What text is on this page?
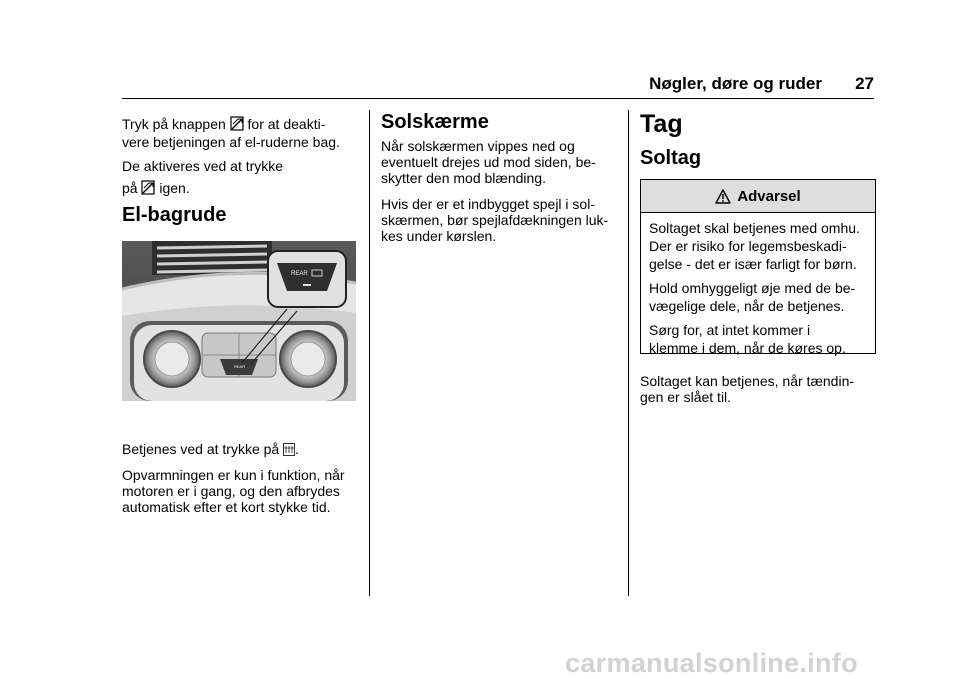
Nøgler, døre og ruder 27

Tryk på knappen  for at deakti-
vere betjeningen af el-ruderne bag.

De aktiveres ved at trykke
på  igen.

El-bagrude
REAR
REAR

Betjenes ved at trykke på .

Opvarmningen er kun i funktion, når
motoren er i gang, og den afbrydes
automatisk efter et kort stykke tid.

Solskærme

Når solskærmen vippes ned og
eventuelt drejes ud mod siden, be-
skytter den mod blænding.

Hvis der er et indbygget spejl i sol-
skærmen, bør spejlafdækningen luk-
kes under kørslen.

Tag
Soltag
Advarsel

Soltaget skal betjenes med omhu.
Der er risiko for legemsbeskadi-
gelse - det er især farligt for børn.

Hold omhyggeligt øje med de be-
vægelige dele, når de betjenes.

Sørg for, at intet kommer i
klemme i dem, når de køres op.

Soltaget kan betjenes, når tændin-
gen er slået til.

carmanualsonline.info
